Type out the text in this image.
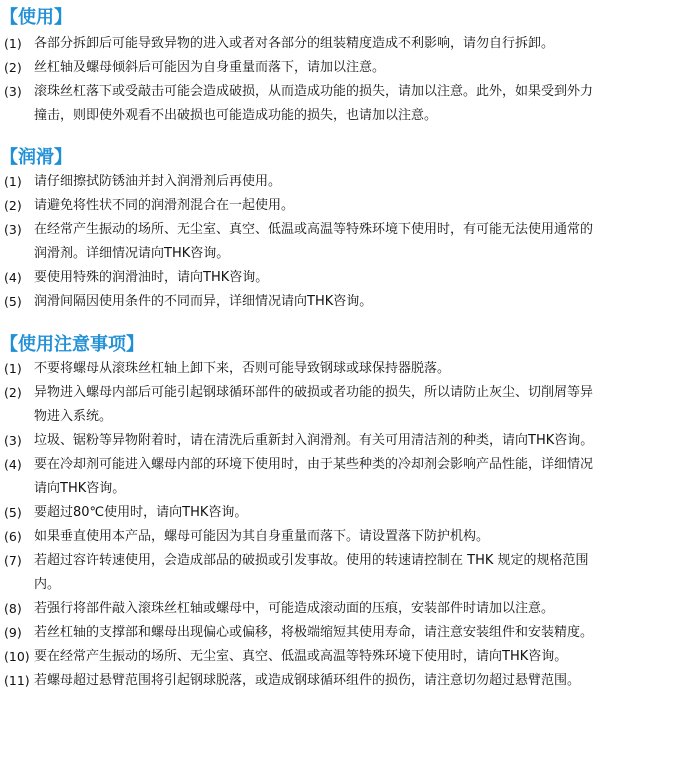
【使用】
(1) 各部分拆卸后可能导致异物的进入或者对各部分的组装精度造成不利影响，请勿自行拆卸。
(2) 丝杠轴及螺母倾斜后可能因为自身重量而落下，请加以注意。
(3) 滚珠丝杠落下或受敲击可能会造成破损，从而造成功能的损失，请加以注意。此外，如果受到外力
撞击，则即使外观看不出破损也可能造成功能的损失，也请加以注意。
【润滑】
(1) 请仔细擦拭防锈油并封入润滑剂后再使用。
(2) 请避免将性状不同的润滑剂混合在一起使用。
(3) 在经常产生振动的场所、无尘室、真空、低温或高温等特殊环境下使用时，有可能无法使用通常的
润滑剂。详细情况请向THK咨询。
(4) 要使用特殊的润滑油时，请向THK咨询。
(5) 润滑间隔因使用条件的不同而异，详细情况请向THK咨询。
【使用注意事项】
(1) 不要将螺母从滚珠丝杠轴上卸下来，否则可能导致钢球或球保持器脱落。
(2) 异物进入螺母内部后可能引起钢球循环部件的破损或者功能的损失，所以请防止灰尘、切削屑等异
物进入系统。
(3) 垃圾、锯粉等异物附着时，请在清洗后重新封入润滑剂。有关可用清洁剂的种类，请向THK咨询。
(4) 要在冷却剂可能进入螺母内部的环境下使用时，由于某些种类的冷却剂会影响产品性能，详细情况
请向THK咨询。
(5) 要超过80℃使用时，请向THK咨询。
(6) 如果垂直使用本产品，螺母可能因为其自身重量而落下。请设置落下防护机构。
(7) 若超过容许转速使用，会造成部品的破损或引发事故。使用的转速请控制在 THK 规定的规格范围
内。
(8) 若强行将部件敲入滚珠丝杠轴或螺母中，可能造成滚动面的压痕，安装部件时请加以注意。
(9) 若丝杠轴的支撑部和螺母出现偏心或偏移，将极端缩短其使用寿命，请注意安装组件和安装精度。
(10) 要在经常产生振动的场所、无尘室、真空、低温或高温等特殊环境下使用时，请向THK咨询。
(11) 若螺母超过悬臂范围将引起钢球脱落，或造成钢球循环组件的损伤，请注意切勿超过悬臂范围。
